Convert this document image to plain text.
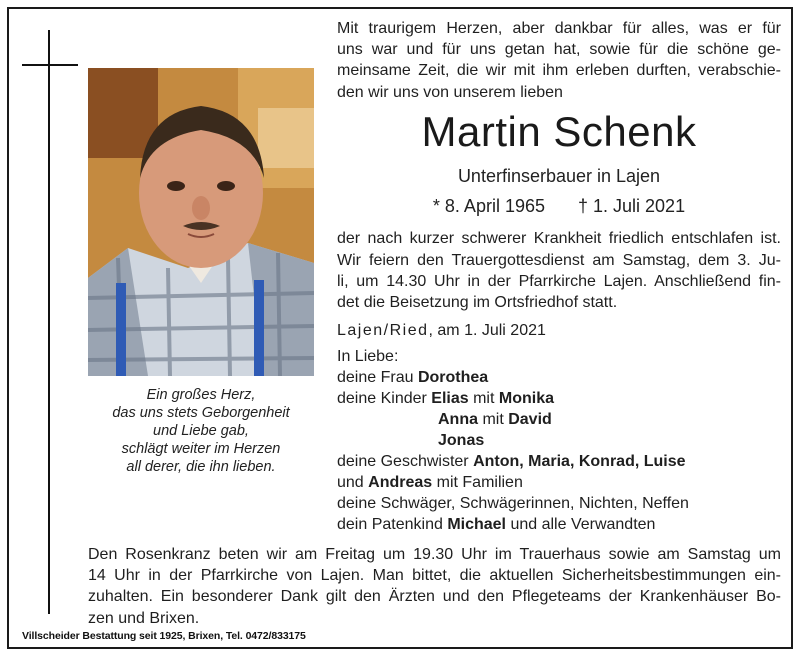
Ein großes Herz,
das uns stets Geborgenheit
und Liebe gab,
schlägt weiter im Herzen
all derer, die ihn lieben.
Mit traurigem Herzen, aber dankbar für alles, was er für
uns war und für uns getan hat, sowie für die schöne ge-
meinsame Zeit, die wir mit ihm erleben durften, verabschie-
den wir uns von unserem lieben
Martin Schenk
Unterfinserbauer in Lajen
* 8. April 1965 † 1. Juli 2021
der nach kurzer schwerer Krankheit friedlich entschlafen ist.
Wir feiern den Trauergottesdienst am Samstag, dem 3. Ju-
li, um 14.30 Uhr in der Pfarrkirche Lajen. Anschließend fin-
det die Beisetzung im Ortsfriedhof statt.
Lajen/Ried, am 1. Juli 2021
In Liebe:
deine Frau Dorothea
deine Kinder Elias mit Monika
Anna mit David
Jonas
deine Geschwister Anton, Maria, Konrad, Luise
und Andreas mit Familien
deine Schwäger, Schwägerinnen, Nichten, Neffen
dein Patenkind Michael und alle Verwandten
Den Rosenkranz beten wir am Freitag um 19.30 Uhr im Trauerhaus sowie am Samstag um
14 Uhr in der Pfarrkirche von Lajen. Man bittet, die aktuellen Sicherheitsbestimmungen ein-
zuhalten. Ein besonderer Dank gilt den Ärzten und den Pflegeteams der Krankenhäuser Bo-
zen und Brixen.
Villscheider Bestattung seit 1925, Brixen, Tel. 0472/833175
